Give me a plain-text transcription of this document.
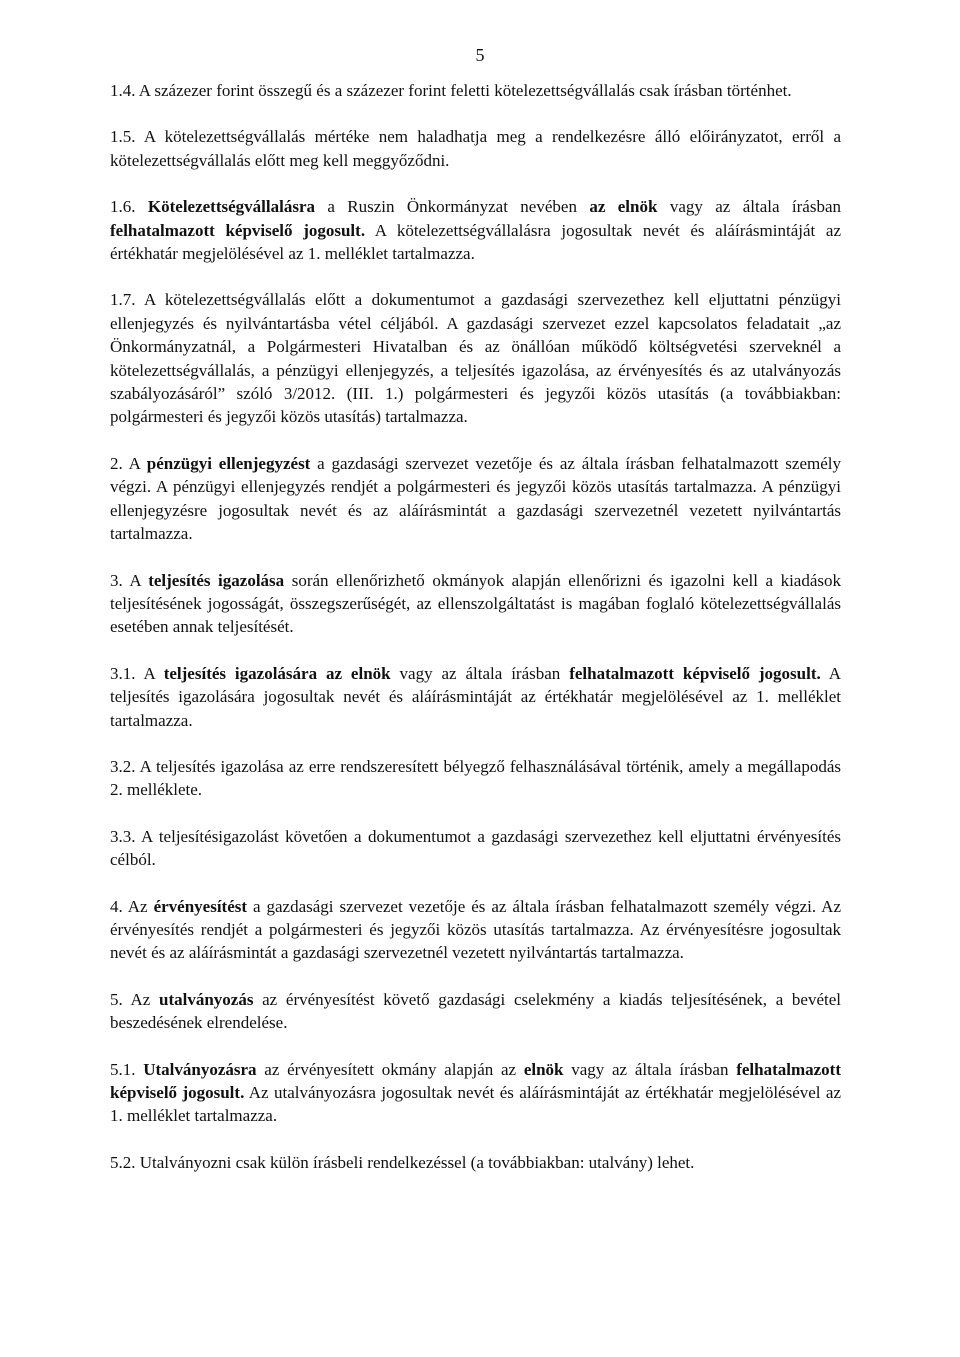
5

1.4. A százezer forint összegű és a százezer forint feletti kötelezettségvállalás csak írásban történhet.

1.5. A kötelezettségvállalás mértéke nem haladhatja meg a rendelkezésre álló előirányzatot, erről a kötelezettségvállalás előtt meg kell meggyőződni.

1.6. Kötelezettségvállalásra a Ruszin Önkormányzat nevében az elnök vagy az általa írásban felhatalmazott képviselő jogosult. A kötelezettségvállalásra jogosultak nevét és aláírásmintáját az értékhatár megjelölésével az 1. melléklet tartalmazza.

1.7. A kötelezettségvállalás előtt a dokumentumot a gazdasági szervezethez kell eljuttatni pénzügyi ellenjegyzés és nyilvántartásba vétel céljából. A gazdasági szervezet ezzel kapcsolatos feladatait „az Önkormányzatnál, a Polgármesteri Hivatalban és az önállóan működő költségvetési szerveknél a kötelezettségvállalás, a pénzügyi ellenjegyzés, a teljesítés igazolása, az érvényesítés és az utalványozás szabályozásáról” szóló 3/2012. (III. 1.) polgármesteri és jegyzői közös utasítás (a továbbiakban: polgármesteri és jegyzői közös utasítás) tartalmazza.

2. A pénzügyi ellenjegyzést a gazdasági szervezet vezetője és az általa írásban felhatalmazott személy végzi. A pénzügyi ellenjegyzés rendjét a polgármesteri és jegyzői közös utasítás tartalmazza. A pénzügyi ellenjegyzésre jogosultak nevét és az aláírásmintát a gazdasági szervezetnél vezetett nyilvántartás tartalmazza.

3. A teljesítés igazolása során ellenőrizhető okmányok alapján ellenőrizni és igazolni kell a kiadások teljesítésének jogosságát, összegszerűségét, az ellenszolgáltatást is magában foglaló kötelezettségvállalás esetében annak teljesítését.

3.1. A teljesítés igazolására az elnök vagy az általa írásban felhatalmazott képviselő jogosult. A teljesítés igazolására jogosultak nevét és aláírásmintáját az értékhatár megjelölésével az 1. melléklet tartalmazza.

3.2. A teljesítés igazolása az erre rendszeresített bélyegző felhasználásával történik, amely a megállapodás 2. melléklete.

3.3. A teljesítésigazolást követően a dokumentumot a gazdasági szervezethez kell eljuttatni érvényesítés célból.

4. Az érvényesítést a gazdasági szervezet vezetője és az általa írásban felhatalmazott személy végzi. Az érvényesítés rendjét a polgármesteri és jegyzői közös utasítás tartalmazza. Az érvényesítésre jogosultak nevét és az aláírásmintát a gazdasági szervezetnél vezetett nyilvántartás tartalmazza.

5. Az utalványozás az érvényesítést követő gazdasági cselekmény a kiadás teljesítésének, a bevétel beszedésének elrendelése.

5.1. Utalványozásra az érvényesített okmány alapján az elnök vagy az általa írásban felhatalmazott képviselő jogosult. Az utalványozásra jogosultak nevét és aláírásmintáját az értékhatár megjelölésével az 1. melléklet tartalmazza.

5.2. Utalványozni csak külön írásbeli rendelkezéssel (a továbbiakban: utalvány) lehet.
